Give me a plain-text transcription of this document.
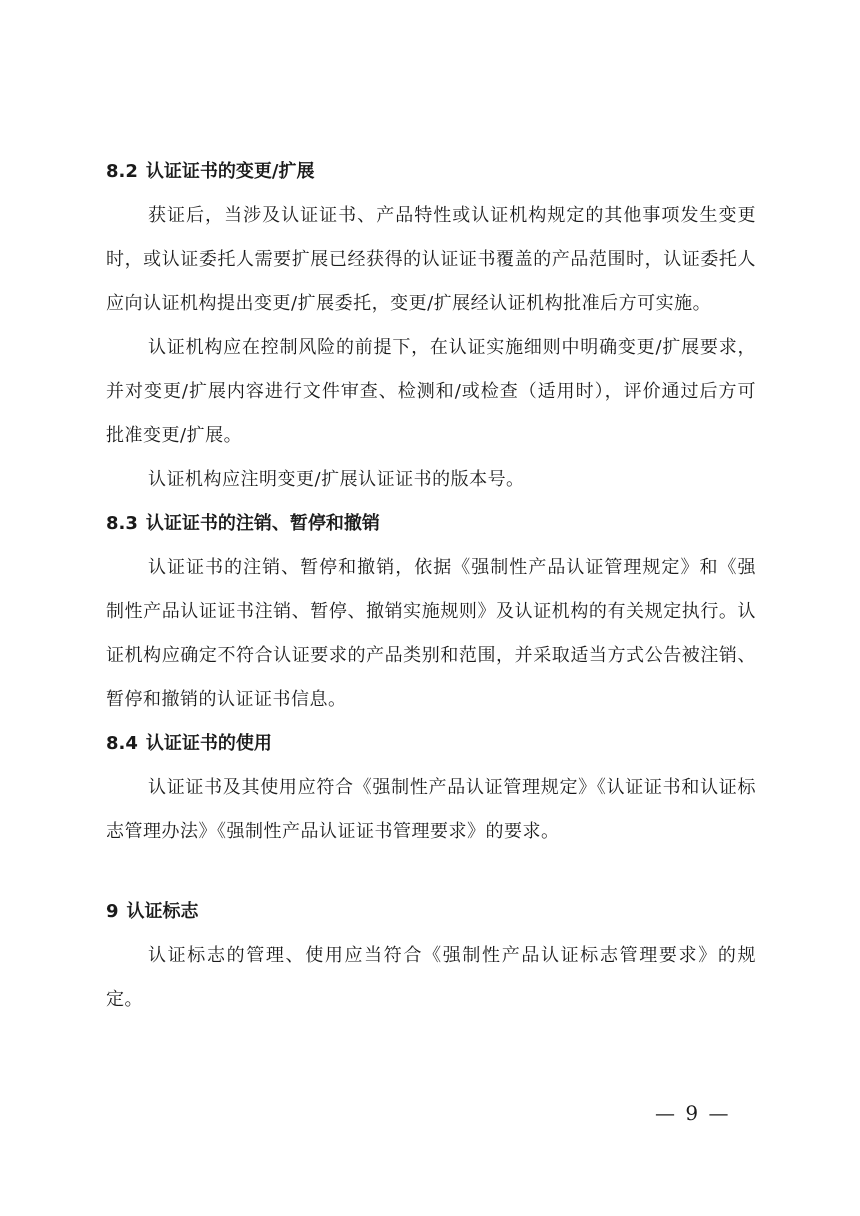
8.2 认证证书的变更/扩展

获证后，当涉及认证证书、产品特性或认证机构规定的其他事项发生变更时，或认证委托人需要扩展已经获得的认证证书覆盖的产品范围时，认证委托人应向认证机构提出变更/扩展委托，变更/扩展经认证机构批准后方可实施。

认证机构应在控制风险的前提下，在认证实施细则中明确变更/扩展要求，并对变更/扩展内容进行文件审查、检测和/或检查（适用时），评价通过后方可批准变更/扩展。

认证机构应注明变更/扩展认证证书的版本号。

8.3 认证证书的注销、暂停和撤销

认证证书的注销、暂停和撤销，依据《强制性产品认证管理规定》和《强制性产品认证证书注销、暂停、撤销实施规则》及认证机构的有关规定执行。认证机构应确定不符合认证要求的产品类别和范围，并采取适当方式公告被注销、暂停和撤销的认证证书信息。

8.4 认证证书的使用

认证证书及其使用应符合《强制性产品认证管理规定》《认证证书和认证标志管理办法》《强制性产品认证证书管理要求》的要求。

9 认证标志

认证标志的管理、使用应当符合《强制性产品认证标志管理要求》的规定。

— 9 —
